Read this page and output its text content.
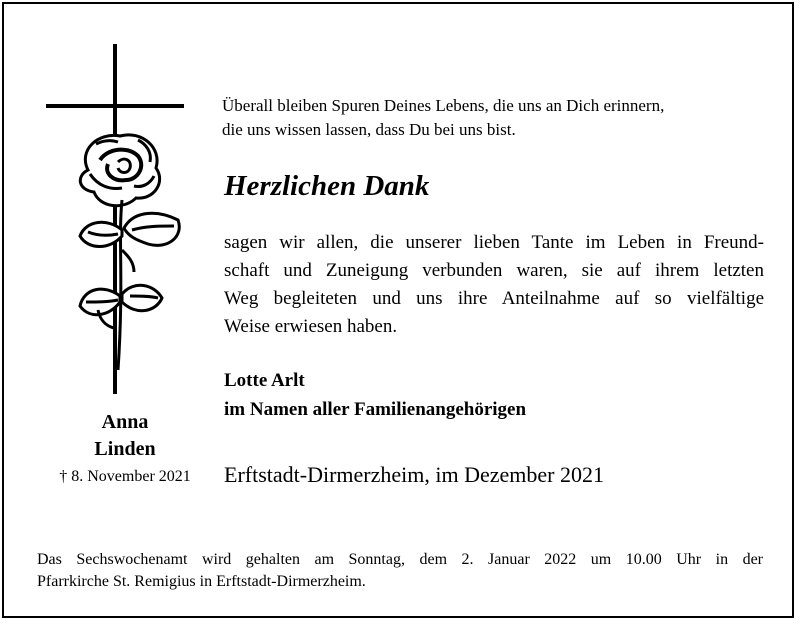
Überall bleiben Spuren Deines Lebens, die uns an Dich erinnern,
die uns wissen lassen, dass Du bei uns bist.
Herzlichen Dank
sagen wir allen, die unserer lieben Tante im Leben in Freund-
schaft und Zuneigung verbunden waren, sie auf ihrem letzten
Weg begleiteten und uns ihre Anteilnahme auf so vielfältige
Weise erwiesen haben.
Lotte Arlt
im Namen aller Familienangehörigen
Erftstadt-Dirmerzheim, im Dezember 2021
Anna
Linden
† 8. November 2021
Das Sechswochenamt wird gehalten am Sonntag, dem 2. Januar 2022 um 10.00 Uhr in der
Pfarrkirche St. Remigius in Erftstadt-Dirmerzheim.
